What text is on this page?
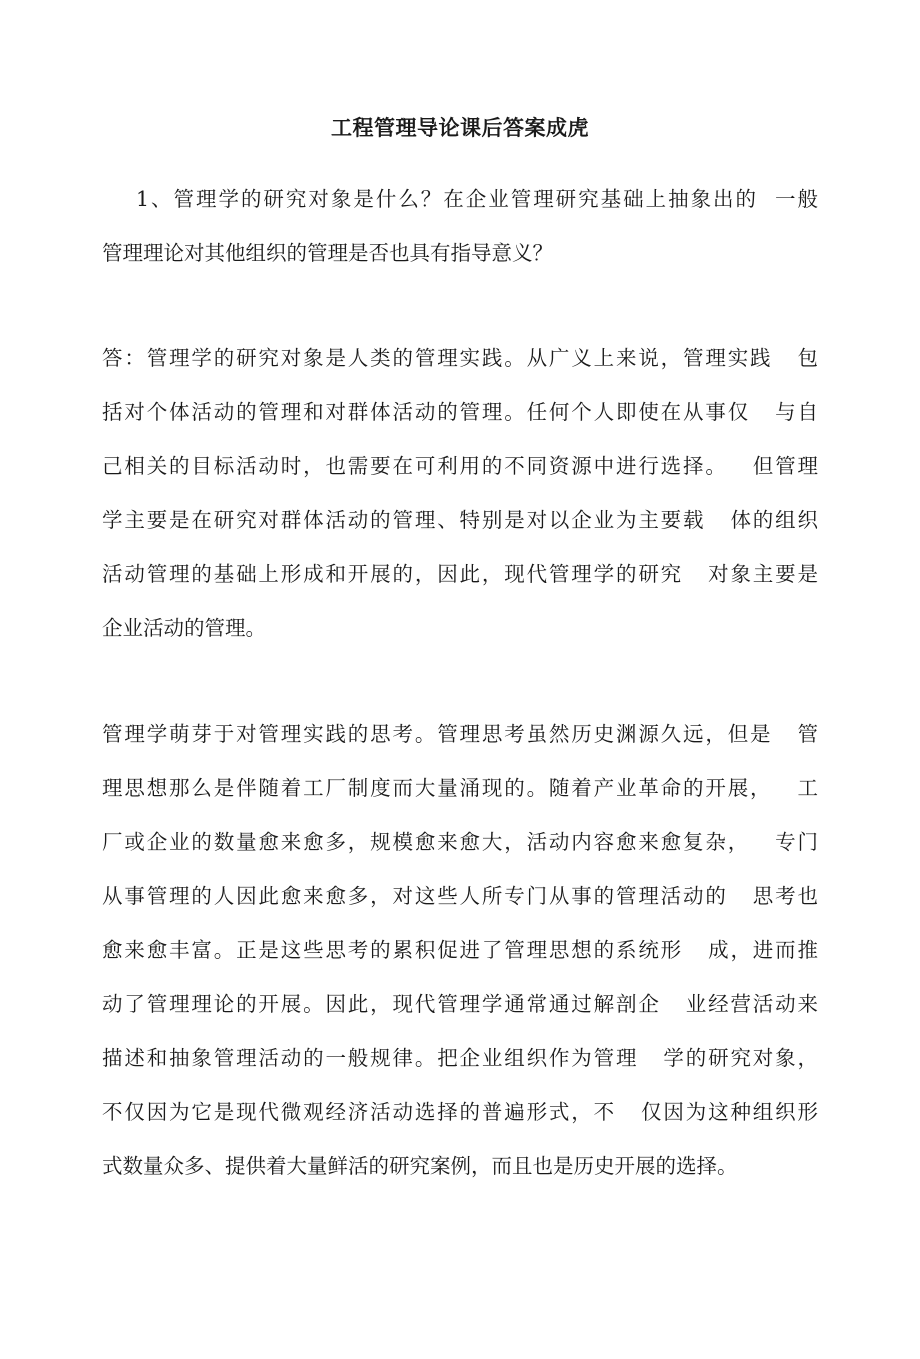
工程管理导论课后答案成虎
1、管理学的研究对象是什么？在企业管理研究基础上抽象出的  一般
管理理论对其他组织的管理是否也具有指导意义？
答：管理学的研究对象是人类的管理实践。从广义上来说，管理实践   包
括对个体活动的管理和对群体活动的管理。任何个人即使在从事仅   与自
己相关的目标活动时，也需要在可利用的不同资源中进行选择。   但管理
学主要是在研究对群体活动的管理、特别是对以企业为主要载   体的组织
活动管理的基础上形成和开展的，因此，现代管理学的研究   对象主要是
企业活动的管理。
管理学萌芽于对管理实践的思考。管理思考虽然历史渊源久远，但是   管
理思想那么是伴随着工厂制度而大量涌现的。随着产业革命的开展，   工
厂或企业的数量愈来愈多，规模愈来愈大，活动内容愈来愈复杂，   专门
从事管理的人因此愈来愈多，对这些人所专门从事的管理活动的   思考也
愈来愈丰富。正是这些思考的累积促进了管理思想的系统形   成，进而推
动了管理理论的开展。因此，现代管理学通常通过解剖企   业经营活动来
描述和抽象管理活动的一般规律。把企业组织作为管理   学的研究对象，
不仅因为它是现代微观经济活动选择的普遍形式，不   仅因为这种组织形
式数量众多、提供着大量鲜活的研究案例，而且也是历史开展的选择。
